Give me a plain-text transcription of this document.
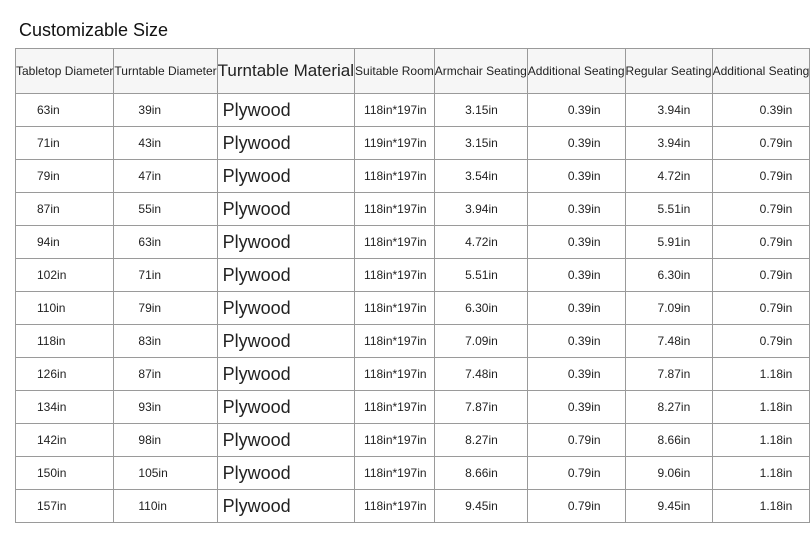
Customizable Size
Tabletop Diameter	Turntable Diameter	Turntable Material	Suitable Room	Armchair Seating	Additional Seating	Regular Seating	Additional Seating
63in	39in	Plywood	118in*197in	3.15in	0.39in	3.94in	0.39in
71in	43in	Plywood	119in*197in	3.15in	0.39in	3.94in	0.79in
79in	47in	Plywood	118in*197in	3.54in	0.39in	4.72in	0.79in
87in	55in	Plywood	118in*197in	3.94in	0.39in	5.51in	0.79in
94in	63in	Plywood	118in*197in	4.72in	0.39in	5.91in	0.79in
102in	71in	Plywood	118in*197in	5.51in	0.39in	6.30in	0.79in
110in	79in	Plywood	118in*197in	6.30in	0.39in	7.09in	0.79in
118in	83in	Plywood	118in*197in	7.09in	0.39in	7.48in	0.79in
126in	87in	Plywood	118in*197in	7.48in	0.39in	7.87in	1.18in
134in	93in	Plywood	118in*197in	7.87in	0.39in	8.27in	1.18in
142in	98in	Plywood	118in*197in	8.27in	0.79in	8.66in	1.18in
150in	105in	Plywood	118in*197in	8.66in	0.79in	9.06in	1.18in
157in	110in	Plywood	118in*197in	9.45in	0.79in	9.45in	1.18in
